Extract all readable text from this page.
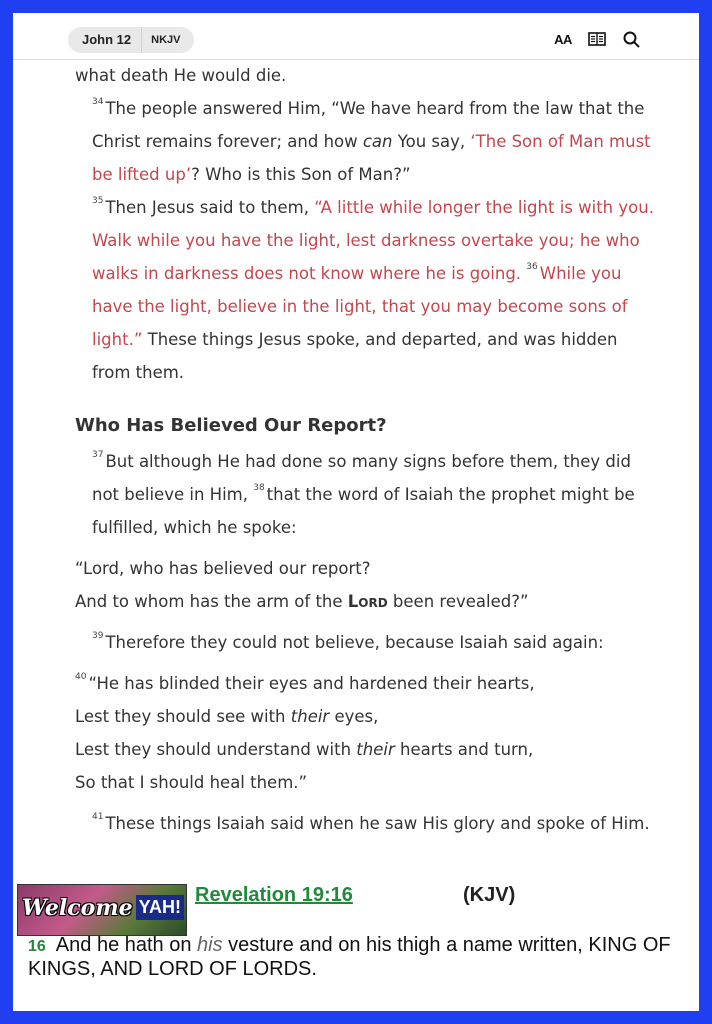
John 12	NKJV	AA

what death He would die.

$^{34}$ The people answered Him, “We have heard from the law that the Christ remains forever; and how can You say, ‘The Son of Man must be lifted up’? Who is this Son of Man?”

$^{35}$ Then Jesus said to them, “A little while longer the light is with you. Walk while you have the light, lest darkness overtake you; he who walks in darkness does not know where he is going. $^{36}$ While you have the light, believe in the light, that you may become sons of light.” These things Jesus spoke, and departed, and was hidden from them.

Who Has Believed Our Report?

$^{37}$ But although He had done so many signs before them, they did not believe in Him, $^{38}$ that the word of Isaiah the prophet might be fulfilled, which he spoke:

“Lord, who has believed our report?

And to whom has the arm of the Lord been revealed?”

$^{39}$ Therefore they could not believe, because Isaiah said again:

$^{40}$ “He has blinded their eyes and hardened their hearts,

Lest they should see with their eyes,

Lest they should understand with their hearts and turn,

So that I should heal them.”

$^{41}$ These things Isaiah said when he saw His glory and spoke of Him.

Welcome YAH!
Revelation 19:16	(KJV)
16 And he hath on his vesture and on his thigh a name written, KING OF KINGS, AND LORD OF LORDS.
